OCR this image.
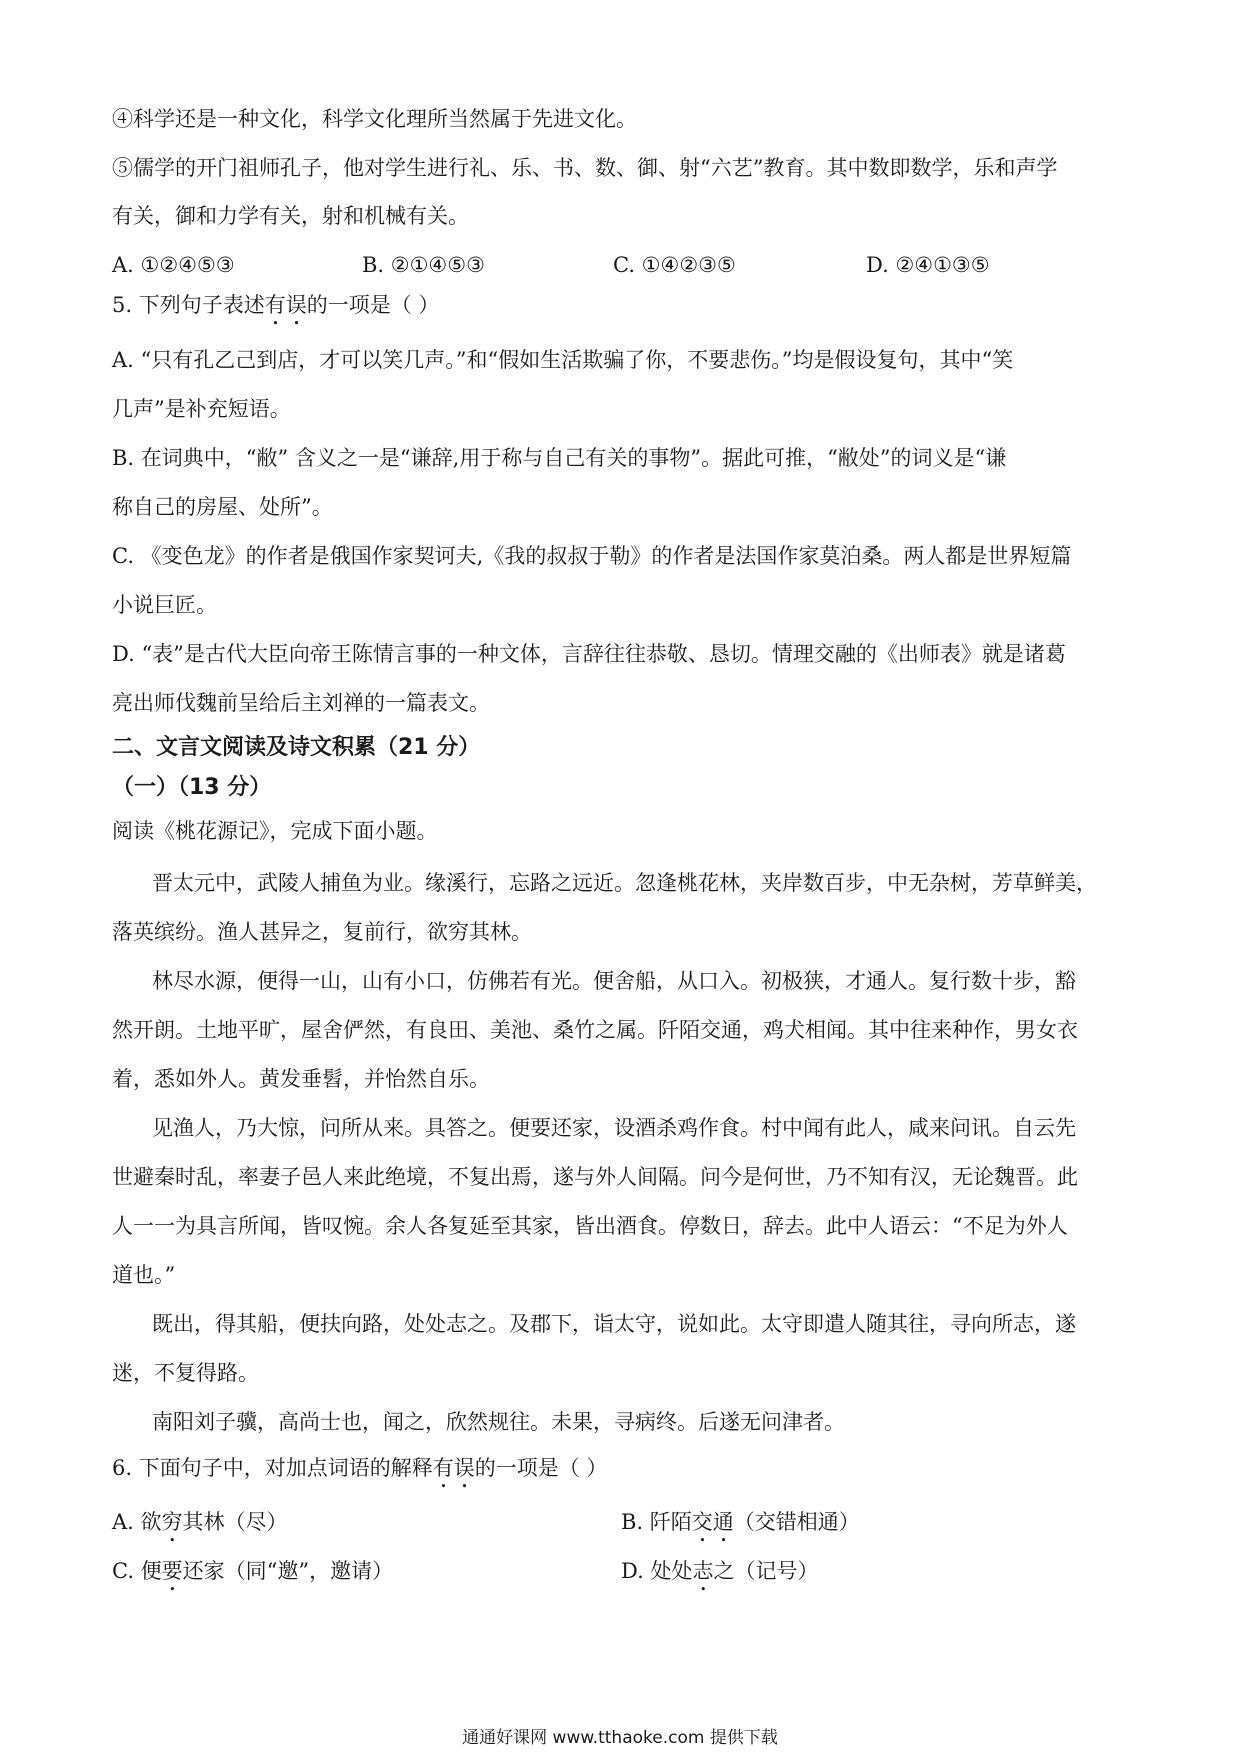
④科学还是一种文化，科学文化理所当然属于先进文化。
⑤儒学的开门祖师孔子，他对学生进行礼、乐、书、数、御、射“六艺”教育。其中数即数学，乐和声学
有关，御和力学有关，射和机械有关。
A. ①②④⑤③	B. ②①④⑤③	C. ①④②③⑤	D. ②④①③⑤
5. 下列句子表述有误的一项是（ ）
A. “只有孔乙己到店，才可以笑几声。”和“假如生活欺骗了你，不要悲伤。”均是假设复句，其中“笑
几声”是补充短语。
B. 在词典中，“敝” 含义之一是“谦辞,用于称与自己有关的事物”。据此可推，“敝处”的词义是“谦
称自己的房屋、处所”。
C. 《变色龙》的作者是俄国作家契诃夫,《我的叔叔于勒》的作者是法国作家莫泊桑。两人都是世界短篇
小说巨匠。
D. “表”是古代大臣向帝王陈情言事的一种文体，言辞往往恭敬、恳切。情理交融的《出师表》就是诸葛
亮出师伐魏前呈给后主刘禅的一篇表文。
二、文言文阅读及诗文积累（21 分）
（一）（13 分）
阅读《桃花源记》，完成下面小题。
晋太元中，武陵人捕鱼为业。缘溪行，忘路之远近。忽逢桃花林，夹岸数百步，中无杂树，芳草鲜美，
落英缤纷。渔人甚异之，复前行，欲穷其林。
林尽水源，便得一山，山有小口，仿佛若有光。便舍船，从口入。初极狭，才通人。复行数十步，豁
然开朗。土地平旷，屋舍俨然，有良田、美池、桑竹之属。阡陌交通，鸡犬相闻。其中往来种作，男女衣
着，悉如外人。黄发垂髫，并怡然自乐。
见渔人，乃大惊，问所从来。具答之。便要还家，设酒杀鸡作食。村中闻有此人，咸来问讯。自云先
世避秦时乱，率妻子邑人来此绝境，不复出焉，遂与外人间隔。问今是何世，乃不知有汉，无论魏晋。此
人一一为具言所闻，皆叹惋。余人各复延至其家，皆出酒食。停数日，辞去。此中人语云：“不足为外人
道也。”
既出，得其船，便扶向路，处处志之。及郡下，诣太守，说如此。太守即遣人随其往，寻向所志，遂
迷，不复得路。
南阳刘子骥，高尚士也，闻之，欣然规往。未果，寻病终。后遂无问津者。
6. 下面句子中，对加点词语的解释有误的一项是（ ）
A. 欲穷其林（尽）	B. 阡陌交通（交错相通）
C. 便要还家（同“邀”，邀请）	D. 处处志之（记号）
通通好课网 www.tthaoke.com 提供下载
